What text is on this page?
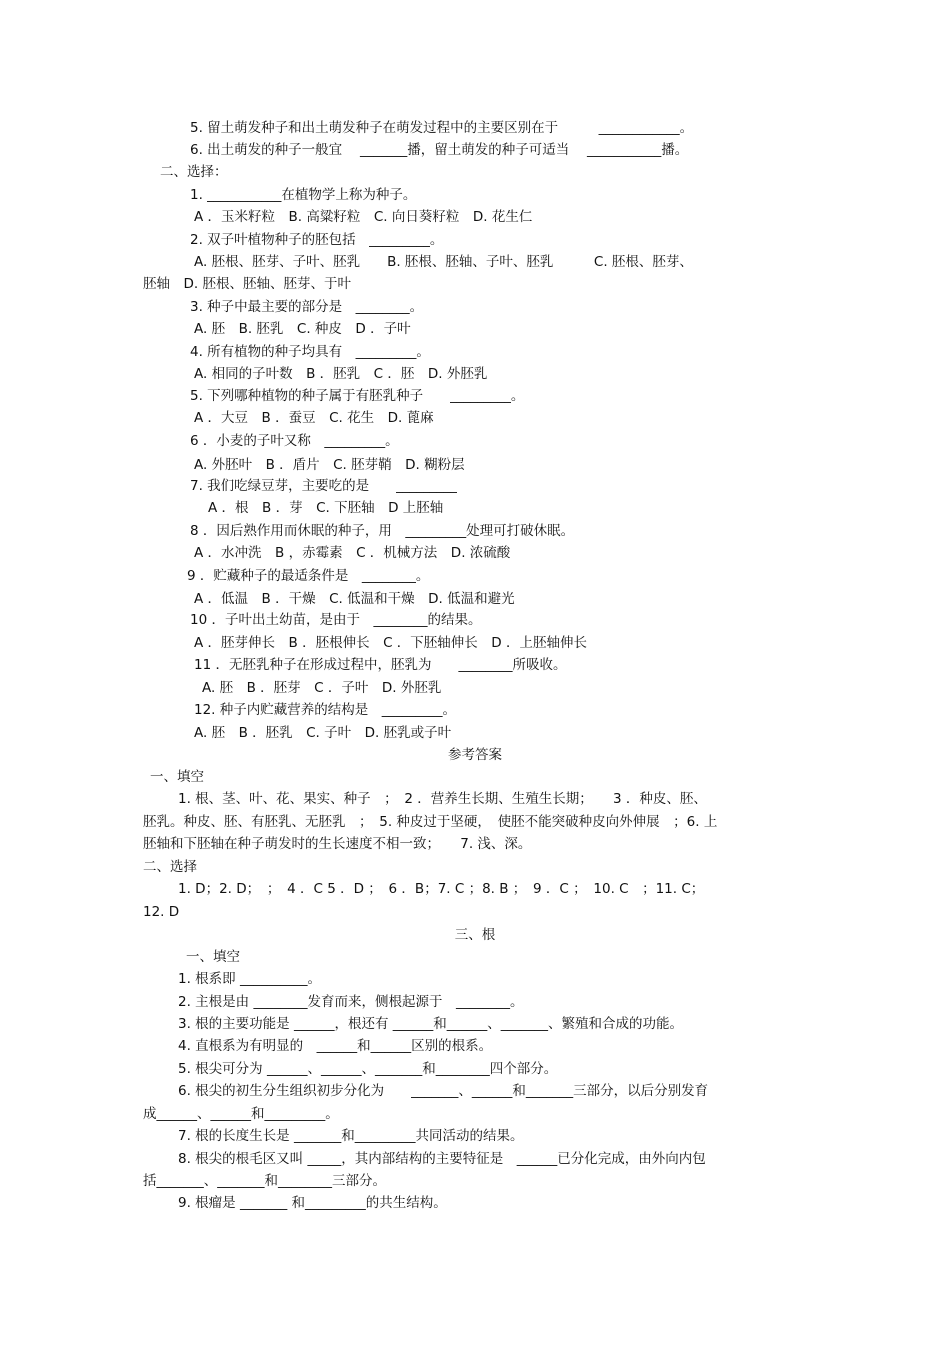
5. 留土萌发种子和出土萌发种子在萌发过程中的主要区别在于　　　____________。
6. 出土萌发的种子一般宜　 _______播，留土萌发的种子可适当　 ___________播。
二、选择：
1. ___________在植物学上称为种子。
A ．玉米籽粒　B. 高粱籽粒　C. 向日葵籽粒　D. 花生仁
2. 双子叶植物种子的胚包括　_________。
A. 胚根、胚芽、子叶、胚乳　　B. 胚根、胚轴、子叶、胚乳　　　C. 胚根、胚芽、
胚轴　D. 胚根、胚轴、胚芽、于叶
3. 种子中最主要的部分是　________。
A. 胚　B. 胚乳　C. 种皮　D ．子叶
4. 所有植物的种子均具有　_________。
A. 相同的子叶数　B ．胚乳　C ．胚　D. 外胚乳
5. 下列哪种植物的种子属于有胚乳种子　　_________。
A ．大豆　B ．蚕豆　C. 花生　D. 蓖麻
6 ．小麦的子叶又称　_________。
A. 外胚叶　B ．盾片　C. 胚芽鞘　D. 糊粉层
7. 我们吃绿豆芽，主要吃的是　　_________
A ．根　B ．芽　C. 下胚轴　D 上胚轴
8 ．因后熟作用而休眠的种子，用　_________处理可打破休眠。
A ．水冲洗　B ，赤霉素　C ．机械方法　D. 浓硫酸
9 ．贮藏种子的最适条件是　________。
A ．低温　B ．干燥　C. 低温和干燥　D. 低温和避光
10 ．子叶出土幼苗，是由于　________的结果。
A ．胚芽伸长　B ．胚根伸长　C ．下胚轴伸长　D ．上胚轴伸长
11 ．无胚乳种子在形成过程中，胚乳为　　________所吸收。
A. 胚　B ．胚芽　C ．子叶　D. 外胚乳
12. 种子内贮藏营养的结构是　_________。
A. 胚　B ．胚乳　C. 子叶　D. 胚乳或子叶
参考答案
一、填空
1. 根、茎、叶、花、果实、种子　；　2 ．营养生长期、生殖生长期；　　3 ．种皮、胚、
胚乳。种皮、胚、有胚乳、无胚乳　；　5. 种皮过于坚硬，　使胚不能突破种皮向外伸展　；6. 上
胚轴和下胚轴在种子萌发时的生长速度不相一致；　　7. 浅、深。
二、选择
1. D；2. D；　；　4 ．C 5 ．D ；　6 ．B；7. C ；8. B ；　9 ．C ；　10. C　；11. C；
12. D
三、根
一、填空
1. 根系即 __________。
2. 主根是由 ________发育而来，侧根起源于　________。
3. 根的主要功能是 ______，根还有 ______和______、_______、繁殖和合成的功能。
4. 直根系为有明显的　______和______区别的根系。
5. 根尖可分为 ______、______、_______和________四个部分。
6. 根尖的初生分生组织初步分化为　　_______、______和_______三部分，以后分别发育
成______、______和_________。
7. 根的长度生长是 _______和_________共同活动的结果。
8. 根尖的根毛区又叫 _____，其内部结构的主要特征是　______已分化完成，由外向内包
括_______、_______和________三部分。
9. 根瘤是 _______ 和_________的共生结构。
